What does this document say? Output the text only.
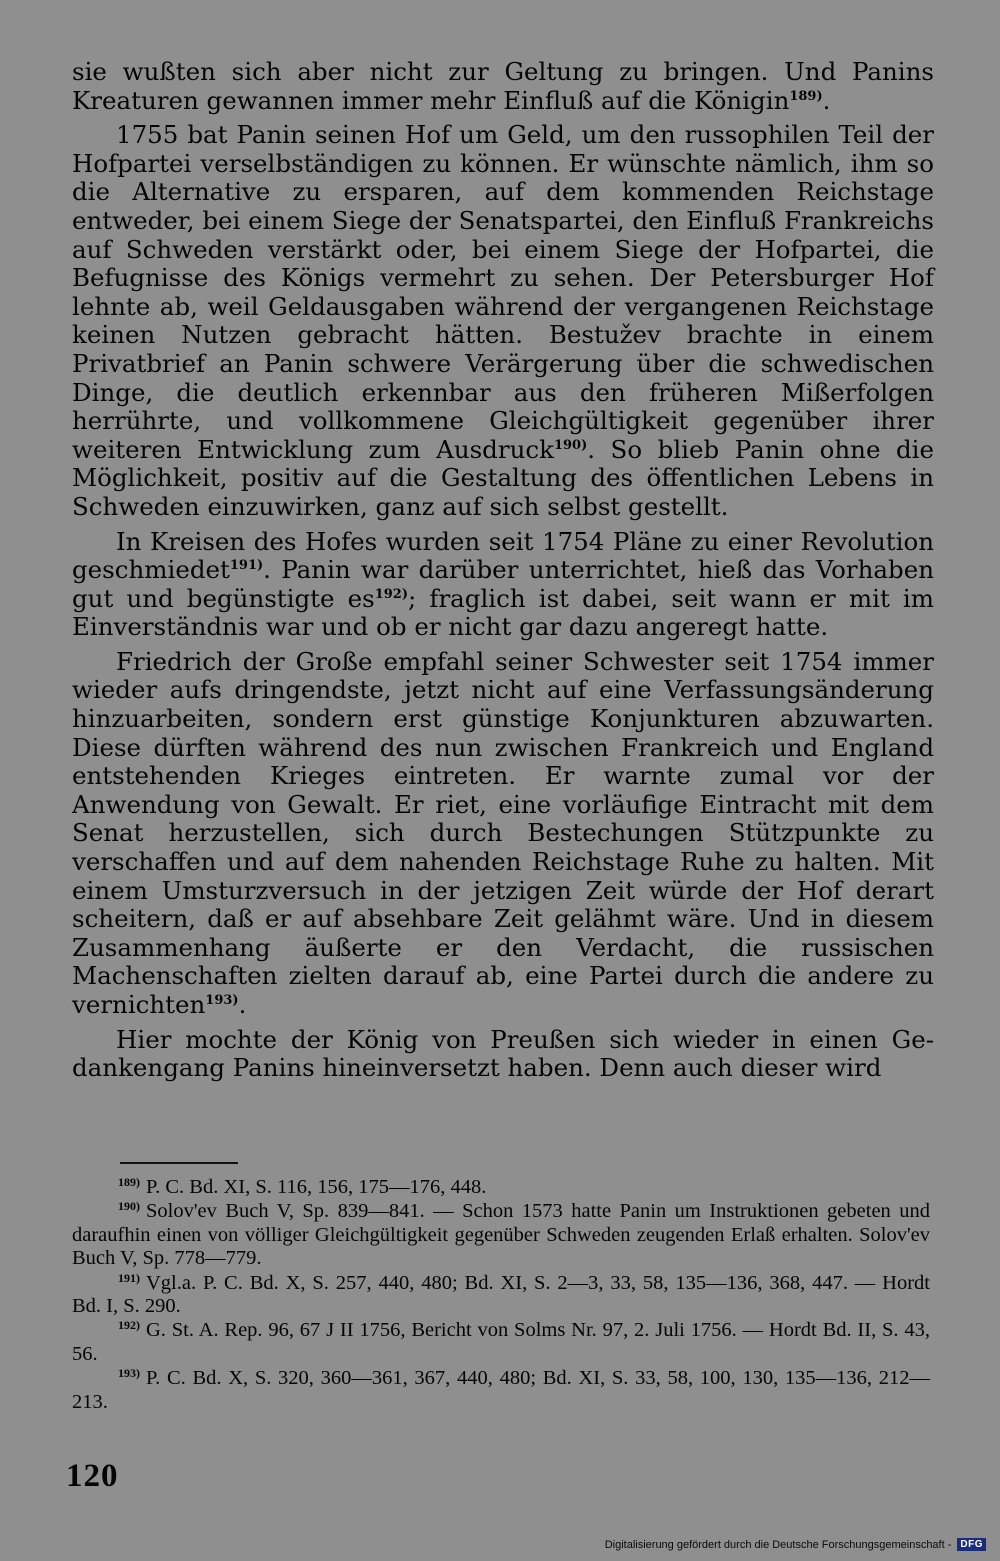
sie wußten sich aber nicht zur Geltung zu bringen. Und Panins Kreaturen gewannen immer mehr Einfluß auf die Königin$^{189)}$.

1755 bat Panin seinen Hof um Geld, um den russophilen Teil der Hofpartei verselbständigen zu können. Er wünschte nämlich, ihm so die Alternative zu ersparen, auf dem kommenden Reichstage entweder, bei einem Siege der Senatspartei, den Einfluß Frankreichs auf Schweden verstärkt oder, bei einem Siege der Hofpartei, die Befugnisse des Königs vermehrt zu sehen. Der Petersburger Hof lehnte ab, weil Geldausgaben während der vergangenen Reichstage keinen Nutzen gebracht hätten. Bestužev brachte in einem Privatbrief an Panin schwere Verärgerung über die schwedischen Dinge, die deutlich erkennbar aus den früheren Mißerfolgen herrührte, und vollkommene Gleichgültigkeit gegenüber ihrer weiteren Entwicklung zum Ausdruck$^{190)}$. So blieb Panin ohne die Möglichkeit, positiv auf die Gestaltung des öffentlichen Lebens in Schweden einzuwirken, ganz auf sich selbst gestellt.

In Kreisen des Hofes wurden seit 1754 Pläne zu einer Revolution geschmiedet$^{191)}$. Panin war darüber unterrichtet, hieß das Vorhaben gut und begünstigte $es^{192)}$; fraglich ist dabei, seit wann er mit im Einverständnis war und ob er nicht gar dazu angeregt hatte.

Friedrich der Große empfahl seiner Schwester seit 1754 immer wieder aufs dringendste, jetzt nicht auf eine Verfassungsänderung hinzuarbeiten, sondern erst günstige Konjunkturen abzuwarten. Diese dürften während des nun zwischen Frankreich und England entstehenden Krieges eintreten. Er warnte zumal vor der Anwendung von Gewalt. Er riet, eine vorläufige Eintracht mit dem Senat herzustellen, sich durch Bestechungen Stützpunkte zu verschaffen und auf dem nahenden Reichstage Ruhe zu halten. Mit einem Umsturzversuch in der jetzigen Zeit würde der Hof derart scheitern, daß er auf absehbare Zeit gelähmt wäre. Und in diesem Zusammenhang äußerte er den Verdacht, die russischen Machenschaften zielten darauf ab, eine Partei durch die andere zu vernichten$^{193)}$.

Hier mochte der König von Preußen sich wieder in einen Gedankengang Panins hineinversetzt haben. Denn auch dieser wird

$^{189)}$ P. C. Bd. XI, S. 116, 156, 175—176, 448.
$^{190)}$ Solov'ev Buch V, Sp. 839—841. — Schon 1573 hatte Panin um Instruktionen gebeten und daraufhin einen von völliger Gleichgültigkeit gegenüber Schweden zeugenden Erlaß erhalten. Solov'ev Buch V, Sp. 778—779.
$^{191)}$ Vgl.a. P. C. Bd. X, S. 257, 440, 480; Bd. XI, S. 2—3, 33, 58, 135—136, 368, 447. — Hordt Bd. I, S. 290.
$^{192)}$ G. St. A. Rep. 96, 67 J II 1756, Bericht von Solms Nr. 97, 2. Juli 1756. — Hordt Bd. II, S. 43, 56.
$^{193)}$ P. C. Bd. X, S. 320, 360—361, 367, 440, 480; Bd. XI, S. 33, 58, 100, 130, 135—136, 212—213.
120
Digitalisierung gefördert durch die Deutsche Forschungsgemeinschaft - DFG
